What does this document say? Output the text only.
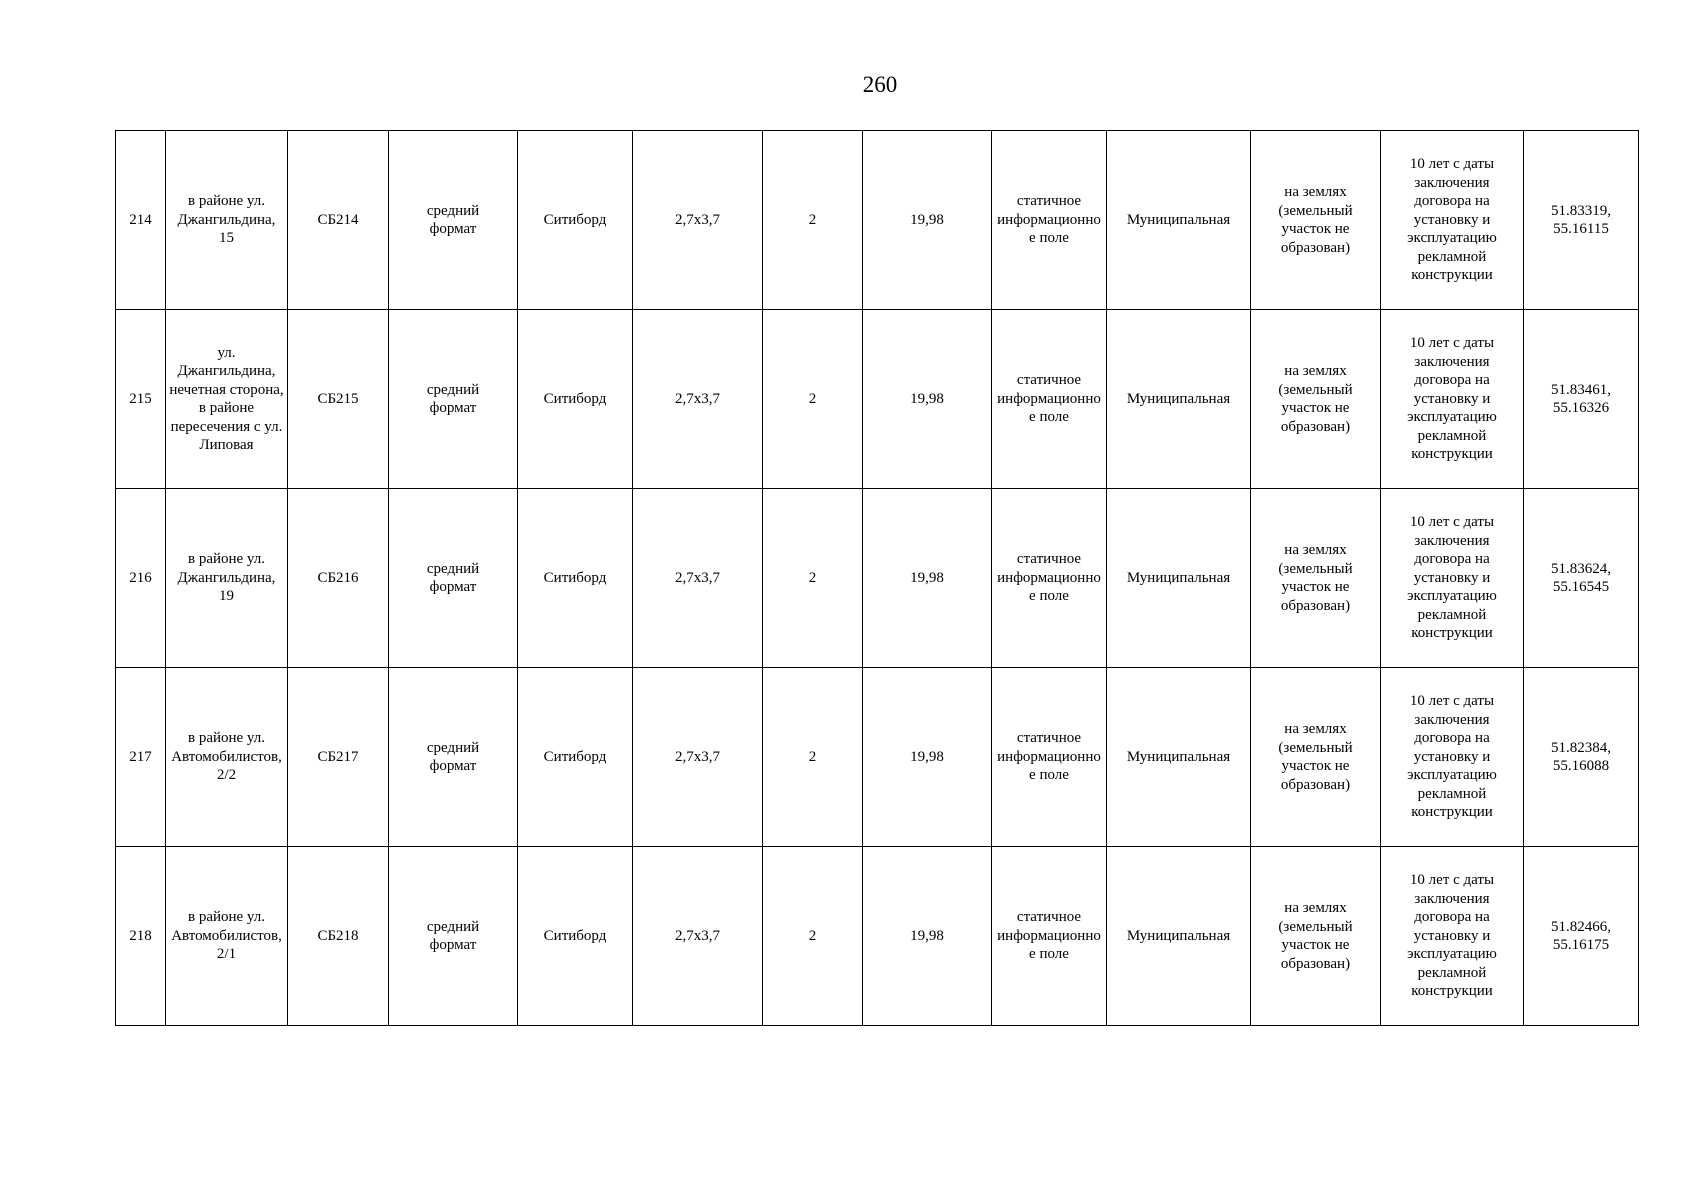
260
214	в районе ул. Джангильдина, 15	СБ214	средний формат	Ситиборд	2,7x3,7	2	19,98	статичное информационное поле	Муниципальная	на землях (земельный участок не образован)	10 лет с даты заключения договора на установку и эксплуатацию рекламной конструкции	51.83319, 55.16115

215	ул. Джангильдина, нечетная сторона, в районе пересечения с ул. Липовая	СБ215	средний формат	Ситиборд	2,7x3,7	2	19,98	статичное информационное поле	Муниципальная	на землях (земельный участок не образован)	10 лет с даты заключения договора на установку и эксплуатацию рекламной конструкции	51.83461, 55.16326

216	в районе ул. Джангильдина, 19	СБ216	средний формат	Ситиборд	2,7x3,7	2	19,98	статичное информационное поле	Муниципальная	на землях (земельный участок не образован)	10 лет с даты заключения договора на установку и эксплуатацию рекламной конструкции	51.83624, 55.16545

217	в районе ул. Автомобилистов, 2/2	СБ217	средний формат	Ситиборд	2,7x3,7	2	19,98	статичное информационное поле	Муниципальная	на землях (земельный участок не образован)	10 лет с даты заключения договора на установку и эксплуатацию рекламной конструкции	51.82384, 55.16088

218	в районе ул. Автомобилистов, 2/1	СБ218	средний формат	Ситиборд	2,7x3,7	2	19,98	статичное информационное поле	Муниципальная	на землях (земельный участок не образован)	10 лет с даты заключения договора на установку и эксплуатацию рекламной конструкции	51.82466, 55.16175
